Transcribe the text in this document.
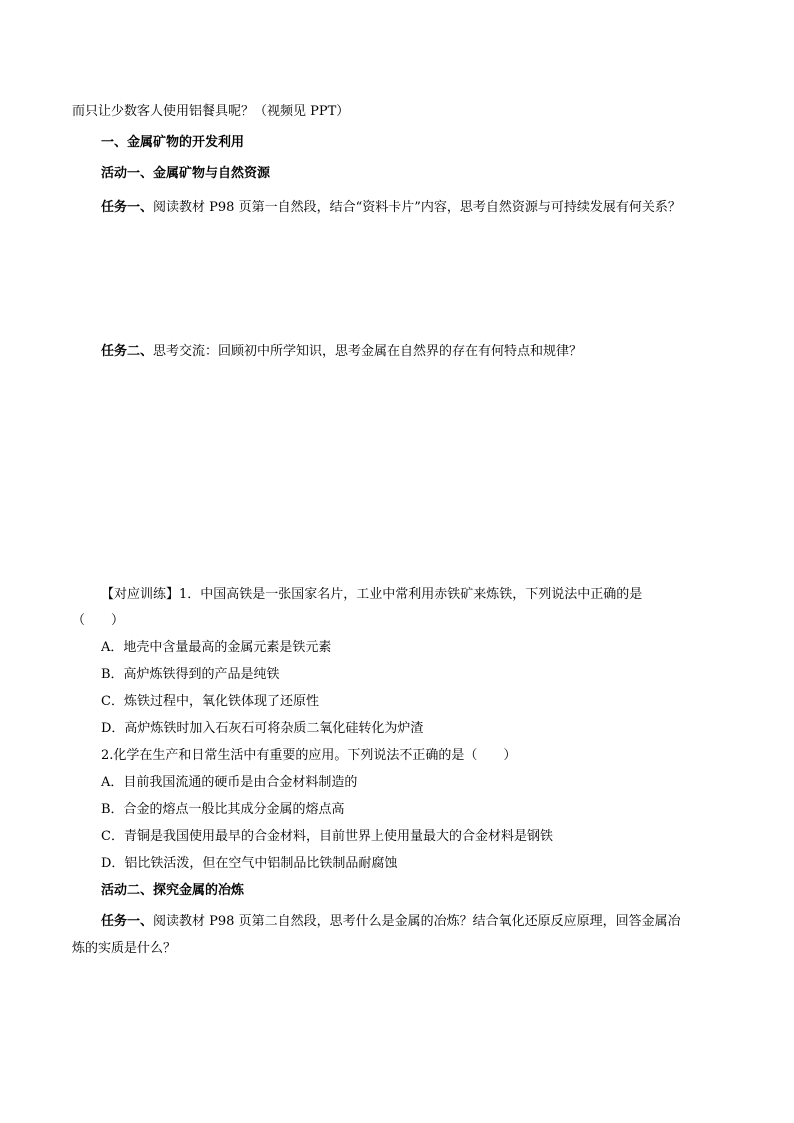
而只让少数客人使用铝餐具呢？（视频见 PPT）
一、金属矿物的开发利用
活动一、金属矿物与自然资源
任务一、阅读教材 P98 页第一自然段，结合“资料卡片”内容，思考自然资源与可持续发展有何关系？
任务二、思考交流：回顾初中所学知识，思考金属在自然界的存在有何特点和规律？
【对应训练】1．中国高铁是一张国家名片，工业中常利用赤铁矿来炼铁，下列说法中正确的是
（　　）
A．地壳中含量最高的金属元素是铁元素
B．高炉炼铁得到的产品是纯铁
C．炼铁过程中，氧化铁体现了还原性
D．高炉炼铁时加入石灰石可将杂质二氧化硅转化为炉渣
2.化学在生产和日常生活中有重要的应用。下列说法不正确的是（　　）
A．目前我国流通的硬币是由合金材料制造的
B．合金的熔点一般比其成分金属的熔点高
C．青铜是我国使用最早的合金材料，目前世界上使用量最大的合金材料是钢铁
D．铝比铁活泼，但在空气中铝制品比铁制品耐腐蚀
活动二、探究金属的冶炼
任务一、阅读教材 P98 页第二自然段，思考什么是金属的冶炼？结合氧化还原反应原理，回答金属冶
炼的实质是什么？
